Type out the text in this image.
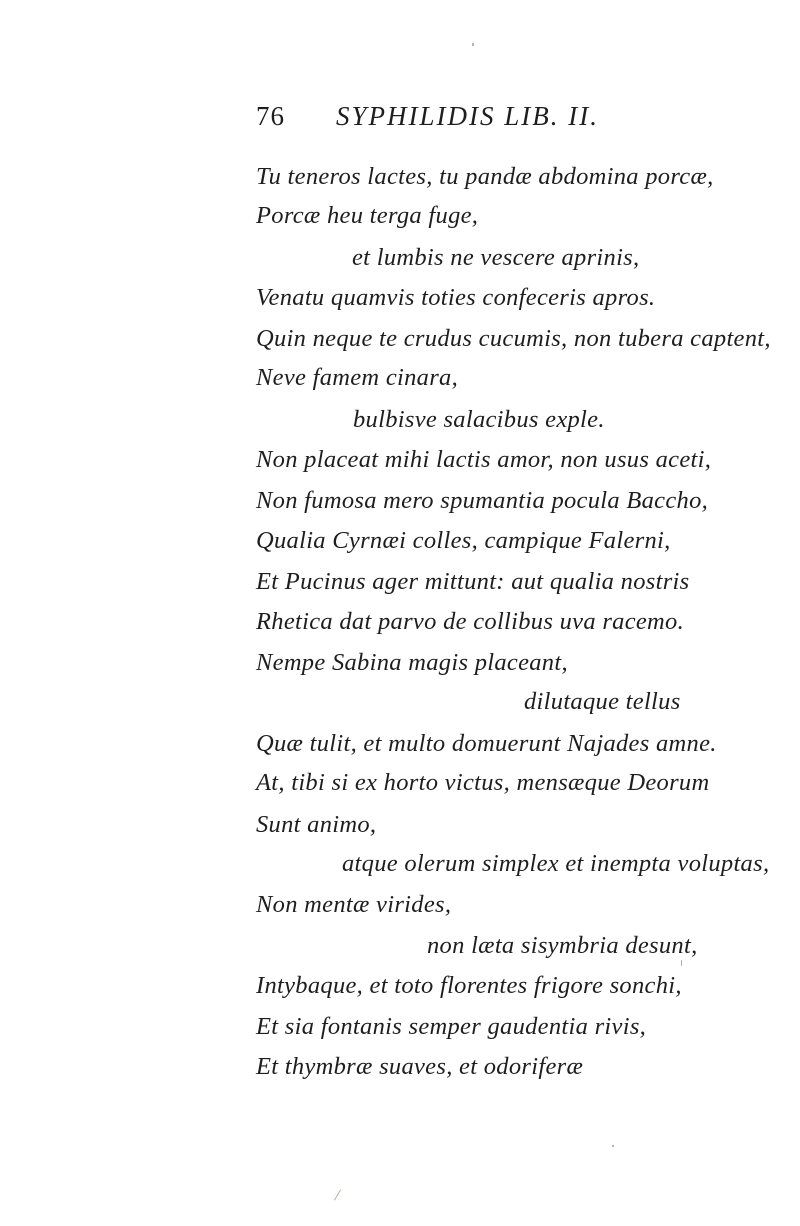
76 SYPHILIDIS LIB. II.
Tu teneros lactes, tu pandæ abdomina porcæ,
Porcæ heu terga fuge,
et lumbis ne vescere aprinis,
Venatu quamvis toties confeceris apros.
Quin neque te crudus cucumis, non tubera captent,
Neve famem cinara,
bulbisve salacibus exple.
Non placeat mihi lactis amor, non usus aceti,
Non fumosa mero spumantia pocula Baccho,
Qualia Cyrnæi colles, campique Falerni,
Et Pucinus ager mittunt: aut qualia nostris
Rhetica dat parvo de collibus uva racemo.
Nempe Sabina magis placeant,
dilutaque tellus
Quæ tulit, et multo domuerunt Najades amne.
At, tibi si ex horto victus, mensæque Deorum
Sunt animo,
atque olerum simplex et inempta voluptas,
Non mentæ virides,
non læta sisymbria desunt,
Intybaque, et toto florentes frigore sonchi,
Et sia fontanis semper gaudentia rivis,
Et thymbræ suaves, et odoriferæ
